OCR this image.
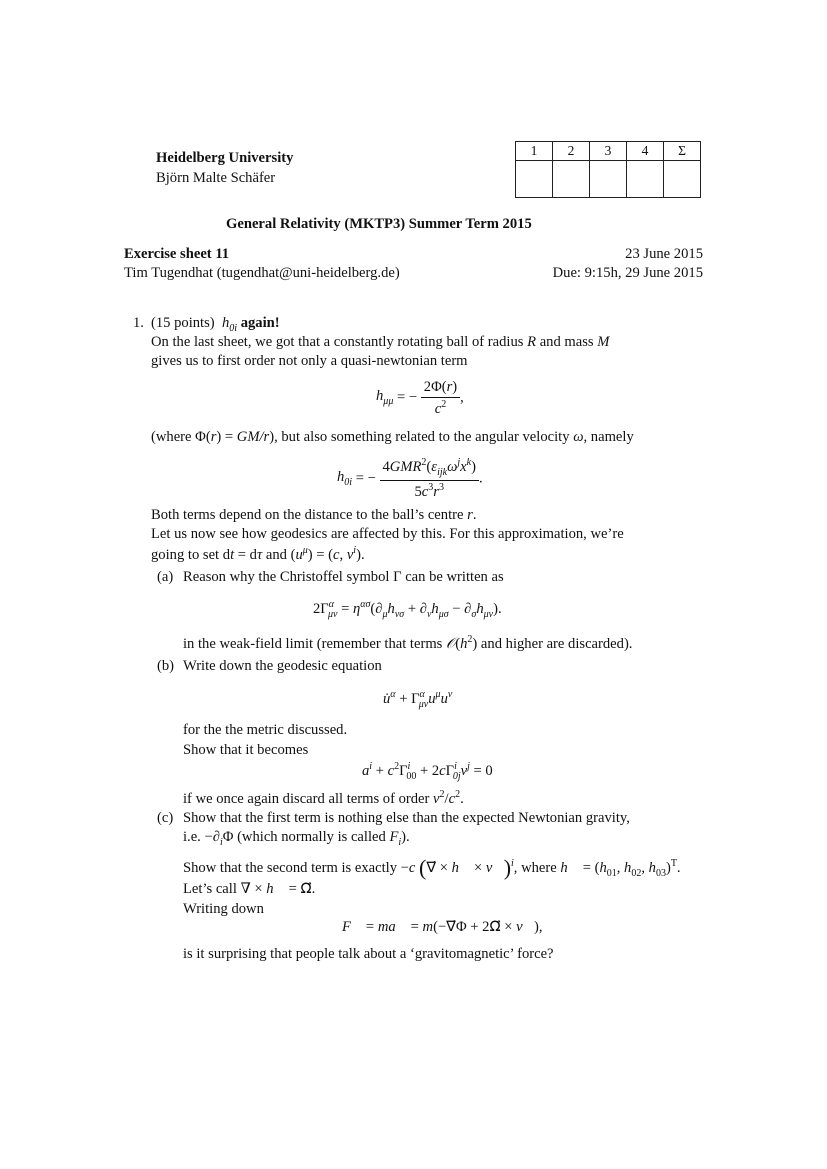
Heidelberg University
Björn Malte Schäfer
1	2	3	4	Σ

General Relativity (MKTP3) Summer Term 2015
Exercise sheet 11	23 June 2015
Tim Tugendhat (tugendhat@uni-heidelberg.de)	Due: 9:15h, 29 June 2015
1. (15 points)  $h_{0i}$ again!
On the last sheet, we got that a constantly rotating ball of radius R and mass M
gives us to first order not only a quasi-newtonian term
$h_{\mu\mu}$ = − $\frac{2\Phi(r)}{c^2}$ ,
(where Φ(r) = GM/r), but also something related to the angular velocity ω, namely
$h_{0i}$ = − $\frac{4GMR^2(\varepsilon_{ijk}\omega^jx^k)}{5c^3r^3}$ .
Both terms depend on the distance to the ball’s centre r.
Let us now see how geodesics are affected by this. For this approximation, we’re
going to set dt = dτ and $(u^\mu) = (c$, $v^i$).
(a) Reason why the Christoffel symbol Γ can be written as
$2\Gamma^\alpha_{\mu\nu} = \eta^{\alpha\sigma}(\partial_\mu h_{\nu\sigma} + \partial_\nu h_{\mu\sigma} - \partial_\sigma h_{\mu\nu})$.
in the weak-field limit (remember that terms $𝒪(h^2)$ and higher are discarded).
(b) Write down the geodesic equation
u̇$^\alpha$ + $\Gamma^\alpha_{\mu\nu}u^\mu u^\nu$
for the the metric discussed.
Show that it becomes
$a^i + c^2\Gamma^i_{00} + 2c\Gamma^i_{0j}v^j = 0$
if we once again discard all terms of order $v^2/c^2$.
(c) Show that the first term is nothing else than the expected Newtonian gravity,
i.e. $-\partial_i\Phi$ (which normally is called $F_i$).
Show that the second term is exactly −c (∇⃗ × h⃗ × v⃗)$^i$, where h⃗ = ($h_{01}$, $h_{02}$, $h_{03})^T$.
Let’s call ∇ × h⃗ = Ω⃗.
Writing down
F⃗ = ma⃗ = m(−∇⃗Φ + 2Ω⃗ × v⃗),
is it surprising that people talk about a ‘gravitomagnetic’ force?
